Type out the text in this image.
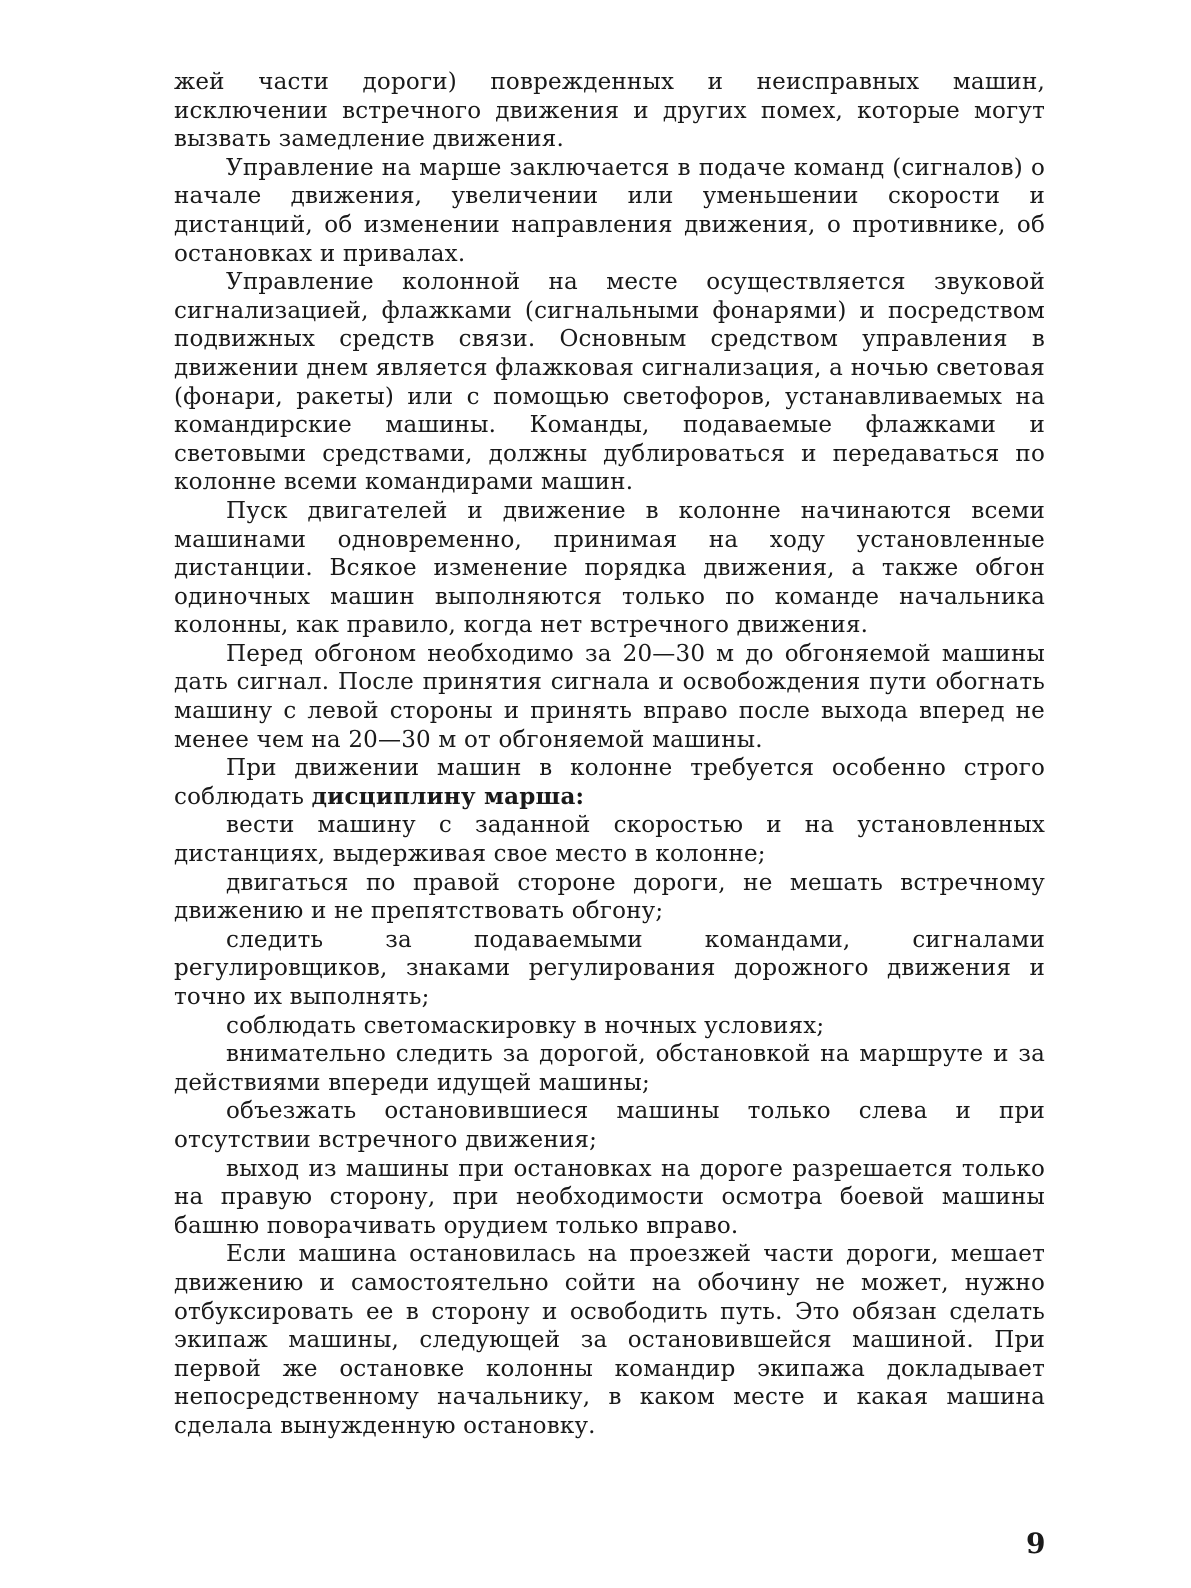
жей части дороги) поврежденных и неисправных машин, исключении встречного движения и других помех, которые могут вызвать замедление движения.

Управление на марше заключается в подаче команд (сигналов) о начале движения, увеличении или уменьшении скорости и дистанций, об изменении направления движения, о противнике, об остановках и привалах.

Управление колонной на месте осуществляется звуковой сигнализацией, флажками (сигнальными фонарями) и посредством подвижных средств связи. Основным средством управления в движении днем является флажковая сигнализация, а ночью световая (фонари, ракеты) или с помощью светофоров, устанавливаемых на командирские машины. Команды, подаваемые флажками и световыми средствами, должны дублироваться и передаваться по колонне всеми командирами машин.

Пуск двигателей и движение в колонне начинаются всеми машинами одновременно, принимая на ходу установленные дистанции. Всякое изменение порядка движения, а также обгон одиночных машин выполняются только по команде начальника колонны, как правило, когда нет встречного движения.

Перед обгоном необходимо за 20—30 м до обгоняемой машины дать сигнал. После принятия сигнала и освобождения пути обогнать машину с левой стороны и принять вправо после выхода вперед не менее чем на 20—30 м от обгоняемой машины.

При движении машин в колонне требуется особенно строго соблюдать дисциплину марша:

вести машину с заданной скоростью и на установленных дистанциях, выдерживая свое место в колонне;

двигаться по правой стороне дороги, не мешать встречному движению и не препятствовать обгону;

следить за подаваемыми командами, сигналами регулировщиков, знаками регулирования дорожного движения и точно их выполнять;

соблюдать светомаскировку в ночных условиях;

внимательно следить за дорогой, обстановкой на маршруте и за действиями впереди идущей машины;

объезжать остановившиеся машины только слева и при отсутствии встречного движения;

выход из машины при остановках на дороге разрешается только на правую сторону, при необходимости осмотра боевой машины башню поворачивать орудием только вправо.

Если машина остановилась на проезжей части дороги, мешает движению и самостоятельно сойти на обочину не может, нужно отбуксировать ее в сторону и освободить путь. Это обязан сделать экипаж машины, следующей за остановившейся машиной. При первой же остановке колонны командир экипажа докладывает непосредственному начальнику, в каком месте и какая машина сделала вынужденную остановку.

9
